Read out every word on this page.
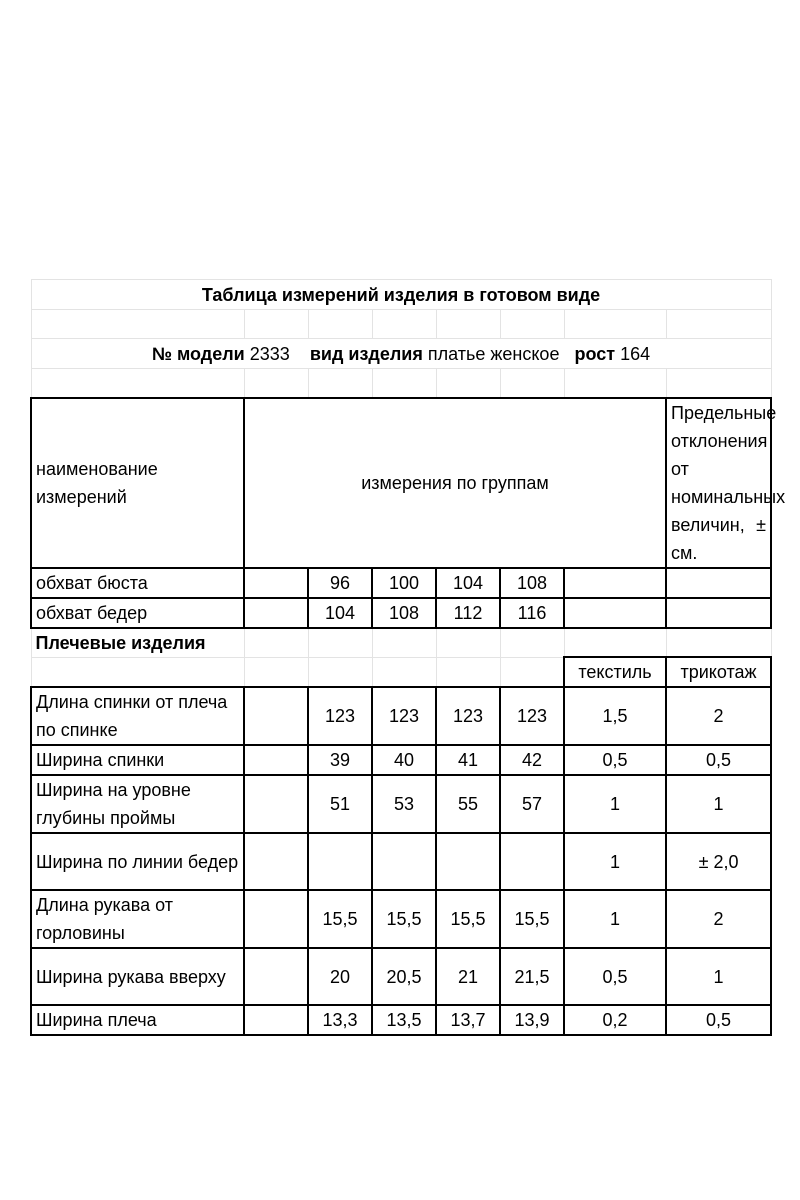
Таблица измерений изделия в готовом виде							

№ модели 2333 вид изделия платье женское рост 164							

наименование измерений	измерения по группам						Предельные отклонения от номинальных величин, ± см.
обхват бюста		96	100	104	108		
обхват бедер		104	108	112	116		
Плечевые изделия							
						текстиль	трикотаж
Длина спинки от плеча по спинке		123	123	123	123	1,5	2
Ширина спинки		39	40	41	42	0,5	0,5
Ширина на уровне глубины проймы		51	53	55	57	1	1
Ширина по линии бедер						1	± 2,0
Длина рукава от горловины		15,5	15,5	15,5	15,5	1	2
Ширина рукава вверху		20	20,5	21	21,5	0,5	1
Ширина плеча		13,3	13,5	13,7	13,9	0,2	0,5
